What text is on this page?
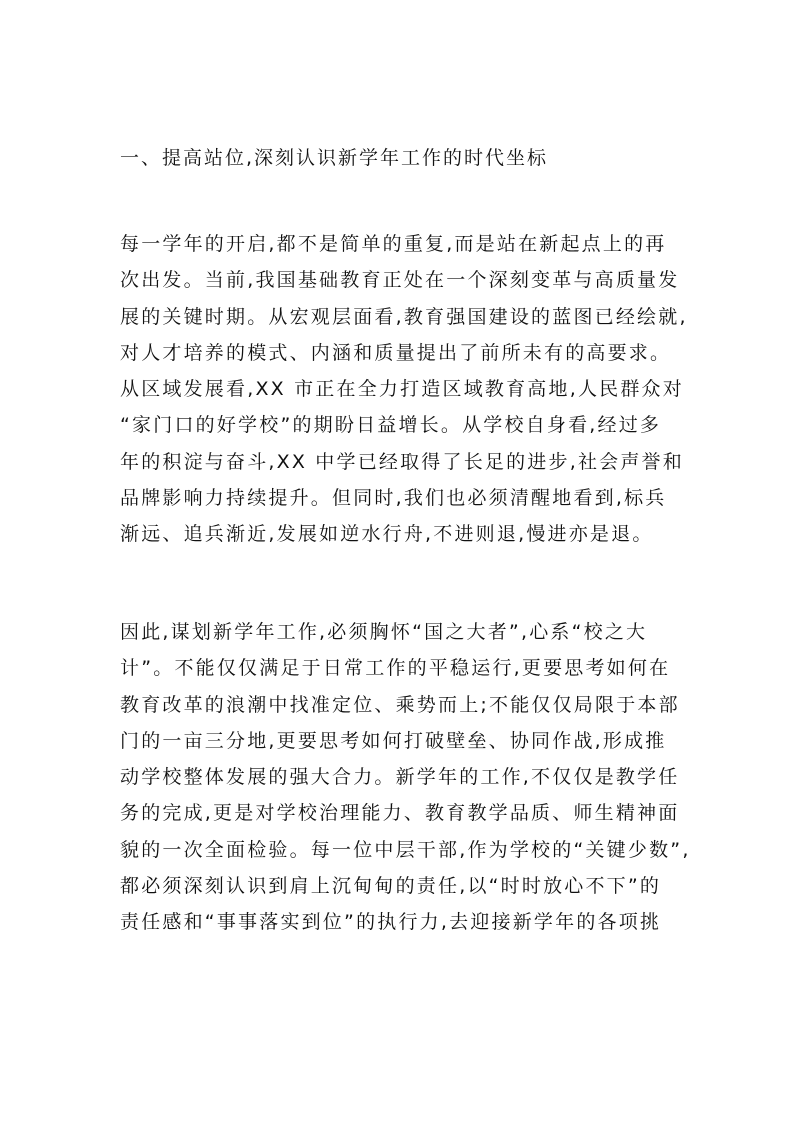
一、提高站位,深刻认识新学年工作的时代坐标
每一学年的开启,都不是简单的重复,而是站在新起点上的再
次出发。当前,我国基础教育正处在一个深刻变革与高质量发
展的关键时期。从宏观层面看,教育强国建设的蓝图已经绘就,
对人才培养的模式、内涵和质量提出了前所未有的高要求。
从区域发展看,XX 市正在全力打造区域教育高地,人民群众对
“家门口的好学校”的期盼日益增长。从学校自身看,经过多
年的积淀与奋斗,XX 中学已经取得了长足的进步,社会声誉和
品牌影响力持续提升。但同时,我们也必须清醒地看到,标兵
渐远、追兵渐近,发展如逆水行舟,不进则退,慢进亦是退。
因此,谋划新学年工作,必须胸怀“国之大者”,心系“校之大
计”。不能仅仅满足于日常工作的平稳运行,更要思考如何在
教育改革的浪潮中找准定位、乘势而上;不能仅仅局限于本部
门的一亩三分地,更要思考如何打破壁垒、协同作战,形成推
动学校整体发展的强大合力。新学年的工作,不仅仅是教学任
务的完成,更是对学校治理能力、教育教学品质、师生精神面
貌的一次全面检验。每一位中层干部,作为学校的“关键少数”,
都必须深刻认识到肩上沉甸甸的责任,以“时时放心不下”的
责任感和“事事落实到位”的执行力,去迎接新学年的各项挑
